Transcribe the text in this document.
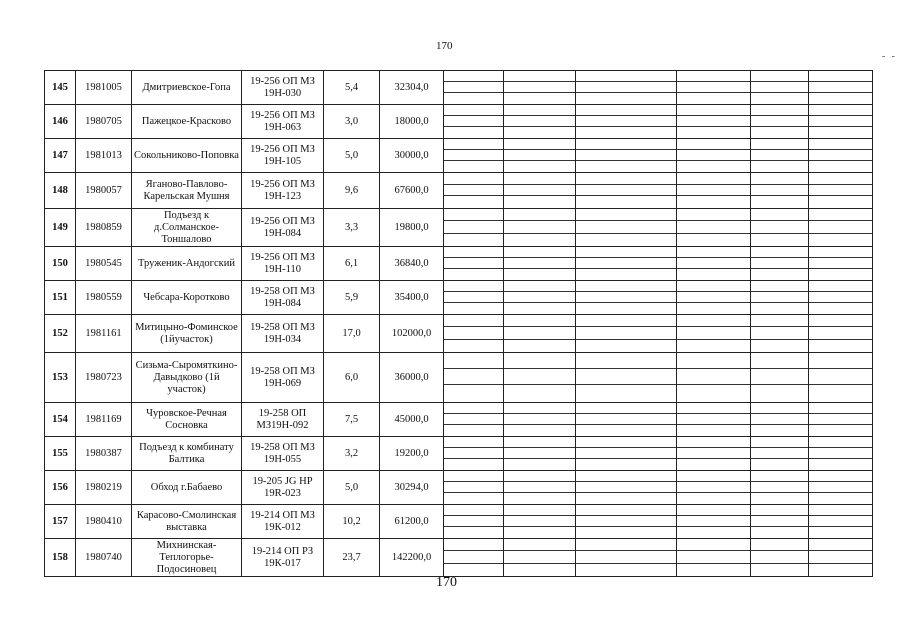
170
- -
145	1981005	Дмитриевское-Гопа	19-256 ОП МЗ 19Н-030	5,4	32304,0	

146	1980705	Пажецкое-Красково	19-256 ОП МЗ 19Н-063	3,0	18000,0	

147	1981013	Сокольниково-Поповка	19-256 ОП МЗ 19Н-105	5,0	30000,0	

148	1980057	Яганово-Павлово-Карельская Мушня	19-256 ОП МЗ 19Н-123	9,6	67600,0	

149	1980859	Подъезд к д.Солманское-Тоншалово	19-256 ОП МЗ 19Н-084	3,3	19800,0	

150	1980545	Труженик-Андогский	19-256 ОП МЗ 19Н-110	6,1	36840,0	

151	1980559	Чебсара-Коротково	19-258 ОП МЗ 19Н-084	5,9	35400,0	

152	1981161	Митицыно-Фоминское (1йучасток)	19-258 ОП МЗ 19Н-034	17,0	102000,0	

153	1980723	Сизьма-Сыромяткино-Давыдково (1й участок)	19-258 ОП МЗ 19Н-069	6,0	36000,0	

154	1981169	Чуровское-Речная Сосновка	19-258 ОП МЗ19Н-092	7,5	45000,0	

155	1980387	Подъезд к комбинату Балтика	19-258 ОП МЗ 19Н-055	3,2	19200,0	

156	1980219	Обход г.Бабаево	19-205 JG НР 19R-023	5,0	30294,0	

157	1980410	Карасово-Смолинская выставка	19-214 ОП МЗ 19К-012	10,2	61200,0	

158	1980740	Михнинская-Теплогорье-Подосиновец	19-214 ОП РЗ 19К-017	23,7	142200,0	

170
